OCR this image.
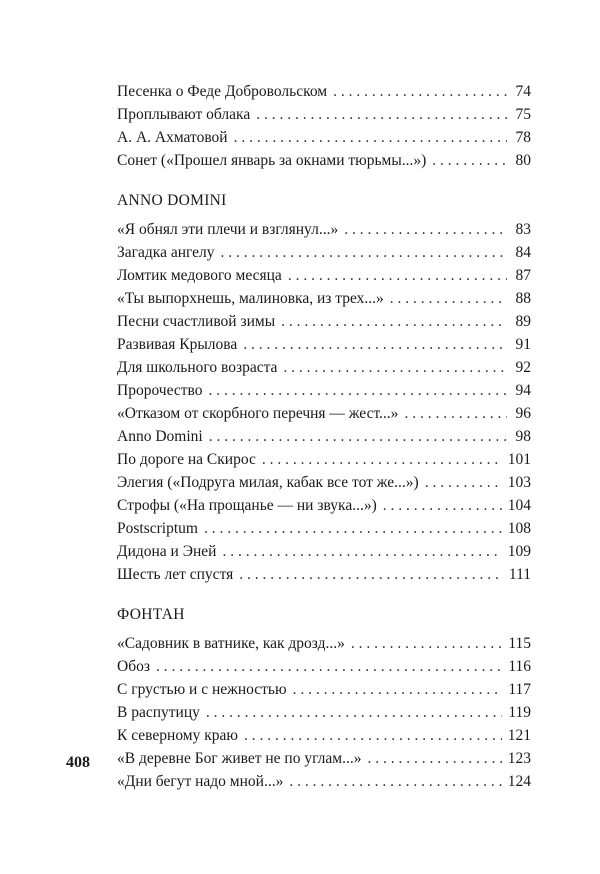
Песенка о Феде Добровольском . . .	74
Проплывают облака . . .	75
А. А. Ахматовой . . .	78
Сонет («Прошел январь за окнами тюрьмы...») . . .	80
ANNO DOMINI
«Я обнял эти плечи и взглянул...» . . .	83
Загадка ангелу . . .	84
Ломтик медового месяца . . .	87
«Ты выпорхнешь, малиновка, из трех...» . . .	88
Песни счастливой зимы . . .	89
Развивая Крылова . . .	91
Для школьного возраста . . .	92
Пророчество . . .	94
«Отказом от скорбного перечня — жест...» . . .	96
Anno Domini . . .	98
По дороге на Скирос . . .	101
Элегия («Подруга милая, кабак все тот же...») . . .	103
Строфы («На прощанье — ни звука...») . . .	104
Postscriptum . . .	108
Дидона и Эней . . .	109
Шесть лет спустя . . .	111
ФОНТАН
«Садовник в ватнике, как дрозд...» . . .	115
Обоз . . .	116
С грустью и с нежностью . . .	117
В распутицу . . .	119
К северному краю . . .	121
«В деревне Бог живет не по углам...» . . .	123
«Дни бегут надо мной...» . . .	124
408
